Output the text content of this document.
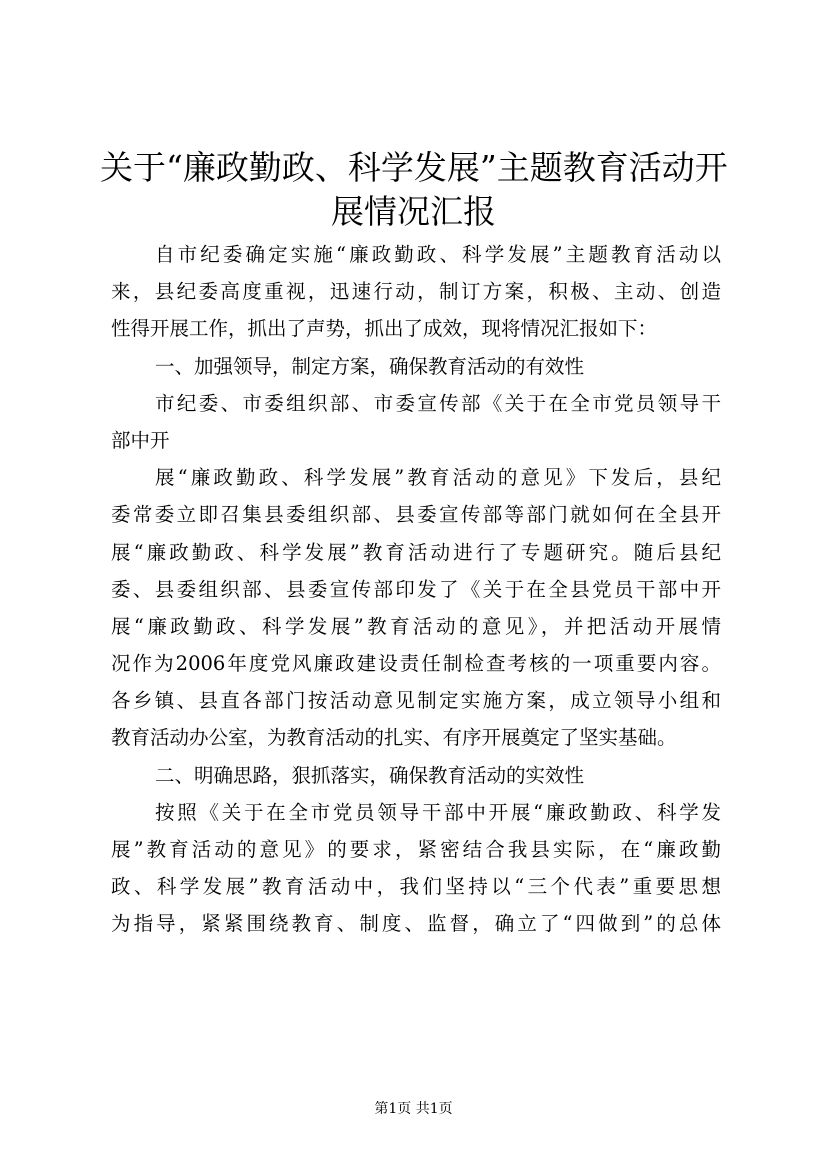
关于“廉政勤政、科学发展”主题教育活动开
展情况汇报
自市纪委确定实施“廉政勤政、科学发展”主题教育活动以
来，县纪委高度重视，迅速行动，制订方案，积极、主动、创造
性得开展工作，抓出了声势，抓出了成效，现将情况汇报如下：
一、加强领导，制定方案，确保教育活动的有效性
市纪委、市委组织部、市委宣传部《关于在全市党员领导干
部中开
展“廉政勤政、科学发展”教育活动的意见》下发后，县纪
委常委立即召集县委组织部、县委宣传部等部门就如何在全县开
展“廉政勤政、科学发展”教育活动进行了专题研究。随后县纪
委、县委组织部、县委宣传部印发了《关于在全县党员干部中开
展“廉政勤政、科学发展”教育活动的意见》，并把活动开展情
况作为2006年度党风廉政建设责任制检查考核的一项重要内容。
各乡镇、县直各部门按活动意见制定实施方案，成立领导小组和
教育活动办公室，为教育活动的扎实、有序开展奠定了坚实基础。
二、明确思路，狠抓落实，确保教育活动的实效性
按照《关于在全市党员领导干部中开展“廉政勤政、科学发
展”教育活动的意见》的要求，紧密结合我县实际，在“廉政勤
政、科学发展”教育活动中，我们坚持以“三个代表”重要思想
为指导，紧紧围绕教育、制度、监督，确立了“四做到”的总体
第1页 共1页
